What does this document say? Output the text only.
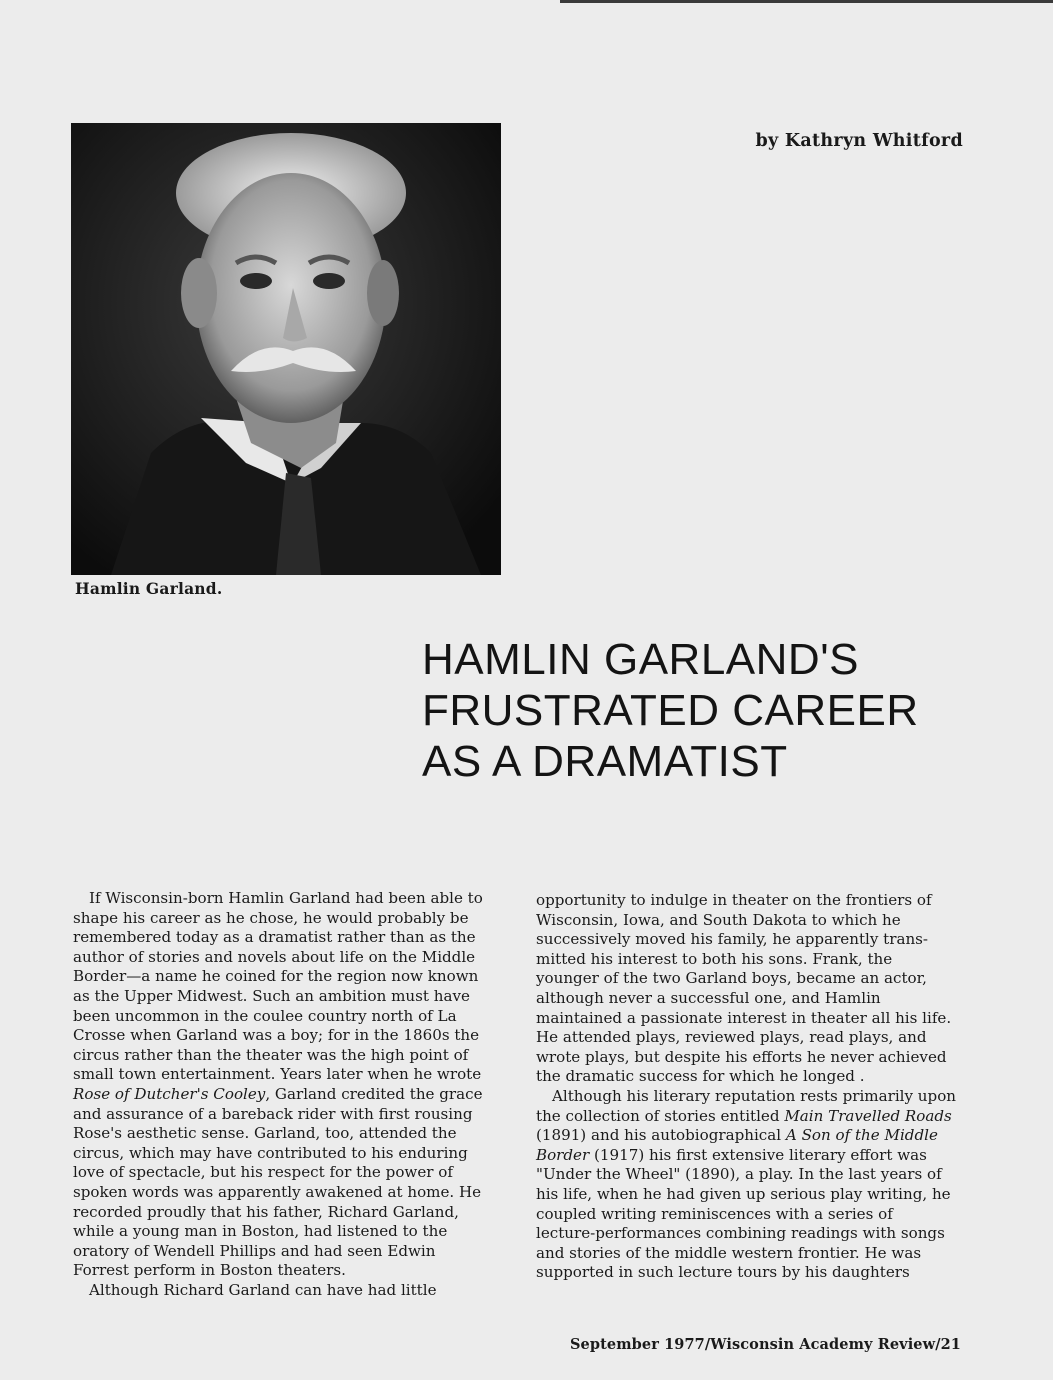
Hamlin Garland.
by Kathryn Whitford
HAMLIN GARLAND'S
FRUSTRATED CAREER
AS A DRAMATIST

If Wisconsin-born Hamlin Garland had been able to shape his career as he chose, he would probably be remembered today as a dramatist rather than as the author of stories and novels about life on the Middle Border—a name he coined for the region now known as the Upper Midwest. Such an ambition must have been uncommon in the coulee country north of La Crosse when Garland was a boy; for in the 1860s the circus rather than the theater was the high point of small town entertainment. Years later when he wrote Rose of Dutcher's Cooley, Garland credited the grace and assurance of a bareback rider with first rousing Rose's aesthetic sense. Garland, too, attended the circus, which may have contributed to his enduring love of spectacle, but his respect for the power of spoken words was apparently awakened at home. He recorded proudly that his father, Richard Garland, while a young man in Boston, had listened to the oratory of Wendell Phillips and had seen Edwin Forrest perform in Boston theaters.

Although Richard Garland can have had little

opportunity to indulge in theater on the frontiers of Wisconsin, Iowa, and South Dakota to which he successively moved his family, he apparently trans-mitted his interest to both his sons. Frank, the younger of the two Garland boys, became an actor, although never a successful one, and Hamlin maintained a passionate interest in theater all his life. He attended plays, reviewed plays, read plays, and wrote plays, but despite his efforts he never achieved the dramatic success for which he longed .

Although his literary reputation rests primarily upon the collection of stories entitled Main Travelled Roads (1891) and his autobiographical A Son of the Middle Border (1917) his first extensive literary effort was "Under the Wheel" (1890), a play. In the last years of his life, when he had given up serious play writing, he coupled writing reminiscences with a series of lecture-performances combining readings with songs and stories of the middle western frontier. He was supported in such lecture tours by his daughters

September 1977/Wisconsin Academy Review/21
